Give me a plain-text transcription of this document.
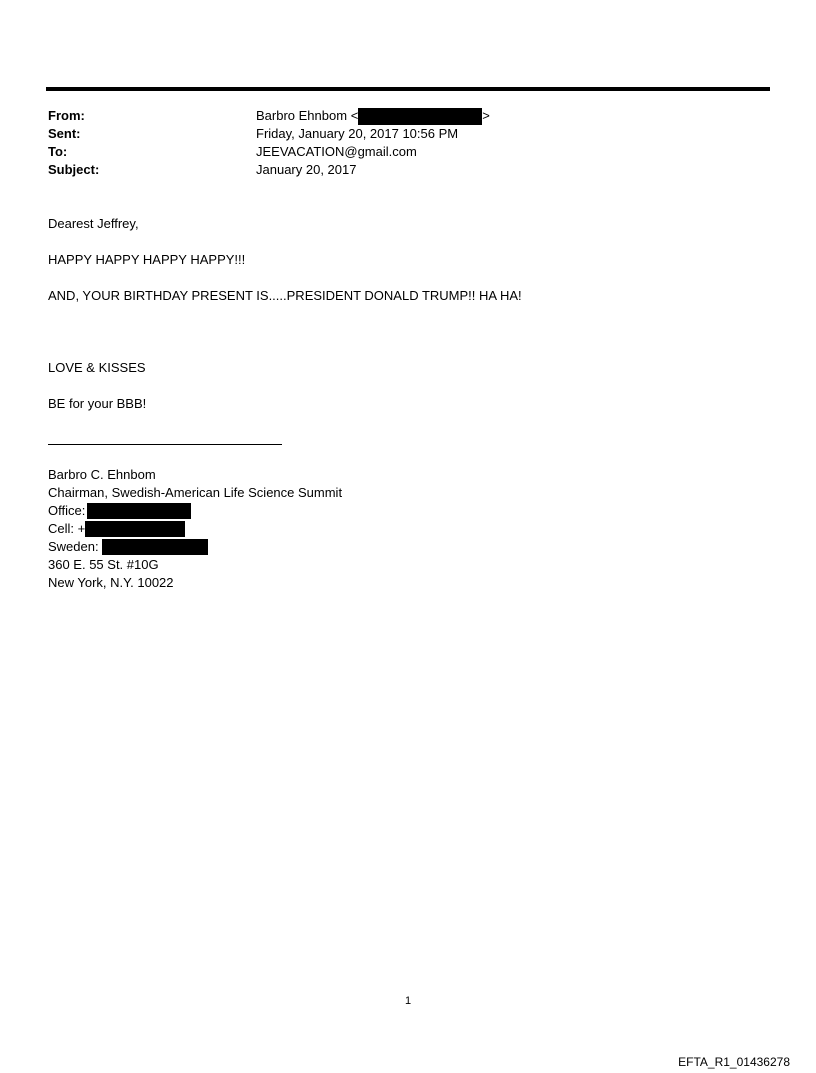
From:	Barbro Ehnbom <	>
Sent:	Friday, January 20, 2017 10:56 PM
To:	JEEVACATION@gmail.com
Subject:	January 20, 2017
Dearest Jeffrey,
HAPPY HAPPY HAPPY HAPPY!!!
AND, YOUR BIRTHDAY PRESENT IS.....PRESIDENT DONALD TRUMP!! HA HA!
LOVE & KISSES
BE for your BBB!
Barbro C. Ehnbom
Chairman, Swedish-American Life Science Summit
Office:
Cell: +
Sweden:
360 E. 55 St. #10G
New York, N.Y. 10022
1
EFTA_R1_01436278
